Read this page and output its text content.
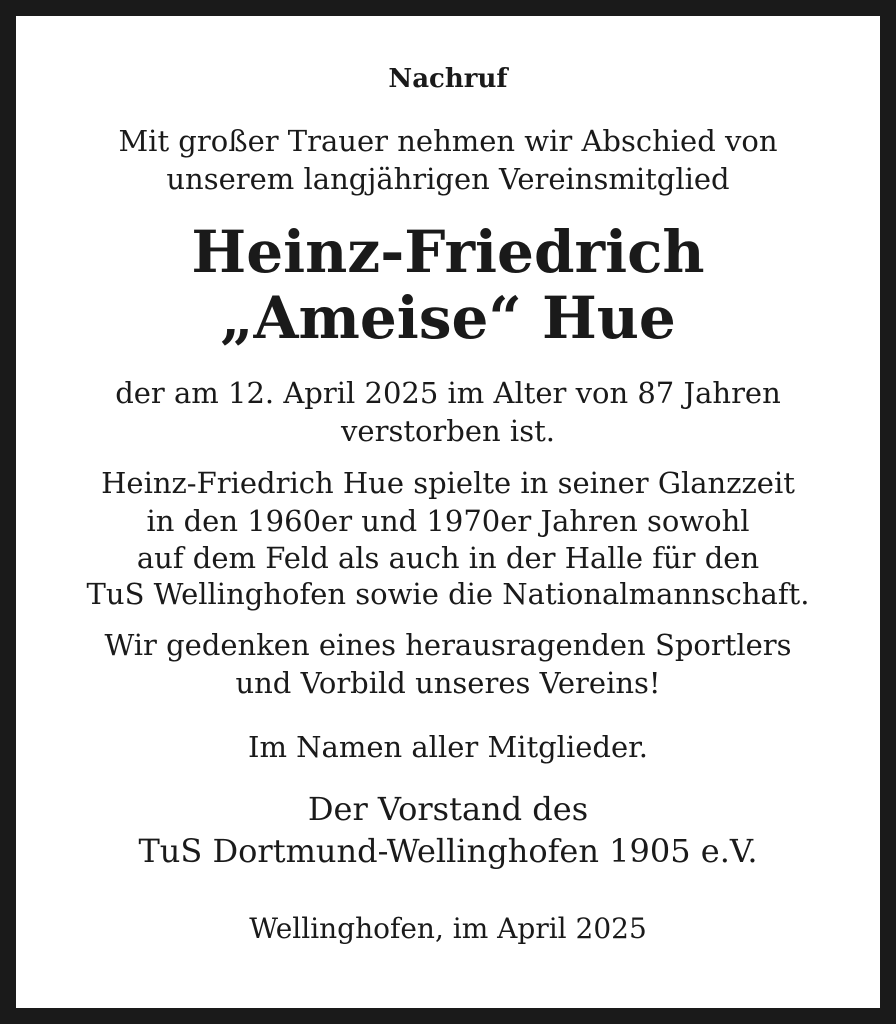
Nachruf
Mit großer Trauer nehmen wir Abschied von
unserem langjährigen Vereinsmitglied
Heinz-Friedrich
„Ameise“ Hue
der am 12. April 2025 im Alter von 87 Jahren
verstorben ist.
Heinz-Friedrich Hue spielte in seiner Glanzzeit
in den 1960er und 1970er Jahren sowohl
auf dem Feld als auch in der Halle für den
TuS Wellinghofen sowie die Nationalmannschaft.
Wir gedenken eines herausragenden Sportlers
und Vorbild unseres Vereins!
Im Namen aller Mitglieder.
Der Vorstand des
TuS Dortmund-Wellinghofen 1905 e.V.
Wellinghofen, im April 2025
